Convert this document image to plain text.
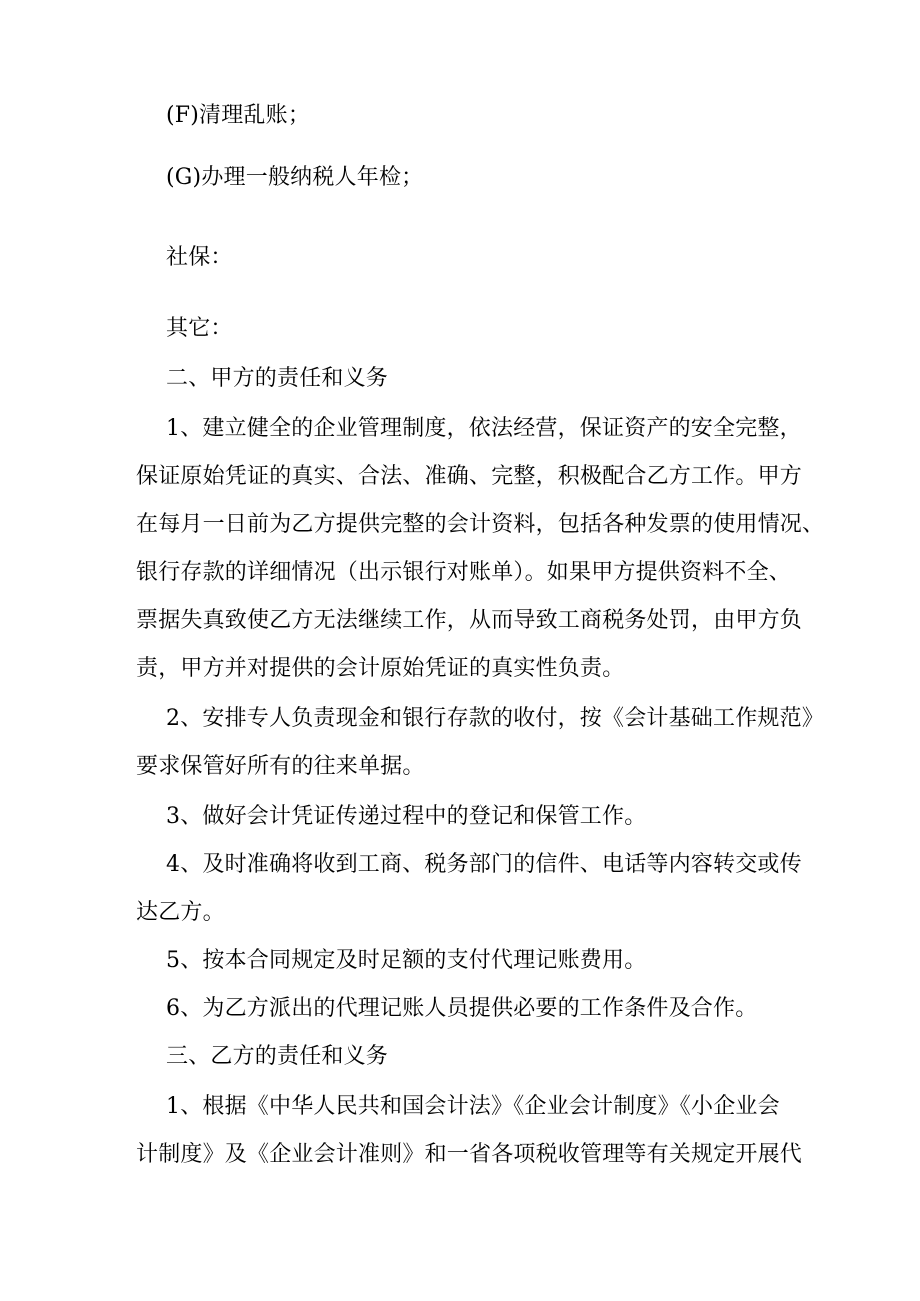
(F)清理乱账；
(G)办理一般纳税人年检；
社保：
其它：
二、甲方的责任和义务
1、建立健全的企业管理制度，依法经营，保证资产的安全完整，
保证原始凭证的真实、合法、准确、完整，积极配合乙方工作。甲方
在每月一日前为乙方提供完整的会计资料，包括各种发票的使用情况、
银行存款的详细情况（出示银行对账单）。如果甲方提供资料不全、
票据失真致使乙方无法继续工作，从而导致工商税务处罚，由甲方负
责，甲方并对提供的会计原始凭证的真实性负责。
2、安排专人负责现金和银行存款的收付，按《会计基础工作规范》
要求保管好所有的往来单据。
3、做好会计凭证传递过程中的登记和保管工作。
4、及时准确将收到工商、税务部门的信件、电话等内容转交或传
达乙方。
5、按本合同规定及时足额的支付代理记账费用。
6、为乙方派出的代理记账人员提供必要的工作条件及合作。
三、乙方的责任和义务
1、根据《中华人民共和国会计法》《企业会计制度》《小企业会
计制度》及《企业会计准则》和一省各项税收管理等有关规定开展代
